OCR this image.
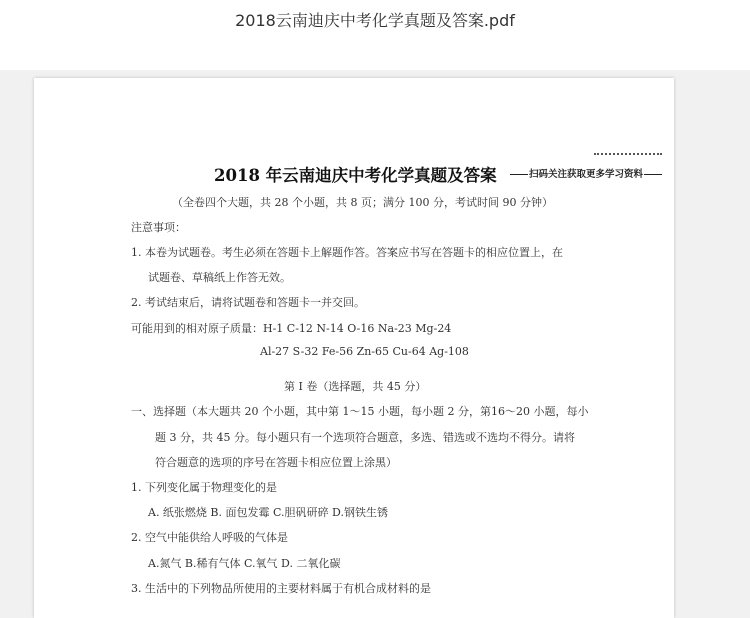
2018云南迪庆中考化学真题及答案.pdf
2018 年云南迪庆中考化学真题及答案	扫码关注获取更多学习资料
（全卷四个大题，共 28 个小题，共 8 页；满分 100 分，考试时间 90 分钟）
注意事项：
1. 本卷为试题卷。考生必须在答题卡上解题作答。答案应书写在答题卡的相应位置上，在
试题卷、草稿纸上作答无效。
2. 考试结束后，请将试题卷和答题卡一并交回。
可能用到的相对原子质量：H-1 C-12 N-14 O-16 Na-23 Mg-24
Al-27 S-32 Fe-56 Zn-65 Cu-64 Ag-108
第 I 卷（选择题，共 45 分）
一、选择题（本大题共 20 个小题，其中第 1～15 小题，每小题 2 分，第16～20 小题，每小
题 3 分，共 45 分。每小题只有一个选项符合题意，多选、错选或不选均不得分。请将
符合题意的选项的序号在答题卡相应位置上涂黑）
1. 下列变化属于物理变化的是
A. 纸张燃烧 B. 面包发霉 C.胆矾研碎 D.钢铁生锈
2. 空气中能供给人呼吸的气体是
A.氮气 B.稀有气体 C.氧气 D. 二氧化碳
3. 生活中的下列物品所使用的主要材料属于有机合成材料的是
